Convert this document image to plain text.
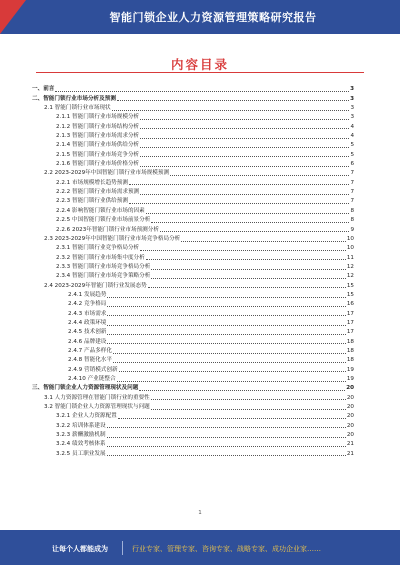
智能门锁企业人力资源管理策略研究报告
内容目录
一、前言	3
二、智能门锁行业市场分析及预测	3
2.1 智能门锁行业市场现状	3
2.1.1 智能门锁行业市场规模分析	3
2.1.2 智能门锁行业市场结构分析	4
2.1.3 智能门锁行业市场需求分析	4
2.1.4 智能门锁行业市场供给分析	5
2.1.5 智能门锁行业市场竞争分析	5
2.1.6 智能门锁行业市场价格分析	6
2.2 2023-2029年中国智能门锁行业市场规模预测	7
2.2.1 市场规模增长趋势预测	7
2.2.2 智能门锁行业市场需求预测	7
2.2.3 智能门锁行业供给预测	7
2.2.4 影响智能门锁行业市场的因素	8
2.2.5 中国智能门锁行业市场前景分析	8
2.2.6 2023年智能门锁行业市场预测分析	9
2.3 2023-2029年中国智能门锁行业市场竞争格局分析	10
2.3.1 智能门锁行业竞争格局分析	10
2.3.2 智能门锁行业市场集中度分析	11
2.3.3 智能门锁行业市场竞争格局分析	12
2.3.4 智能门锁行业市场竞争策略分析	12
2.4 2023-2029年智能门锁行业发展态势	15
2.4.1 发展趋势	15
2.4.2 竞争格局	16
2.4.3 市场需求	17
2.4.4 政策环境	17
2.4.5 技术创新	17
2.4.6 品牌建设	18
2.4.7 产品多样化	18
2.4.8 智能化水平	18
2.4.9 营销模式创新	19
2.4.10 产业链整合	19
三、智能门锁企业人力资源管理现状及问题	20
3.1 人力资源管理在智能门锁行业的重要性	20
3.2 智能门锁企业人力资源管理现状与问题	20
3.2.1 企业人力资源配置	20
3.2.2 培训体系建设	20
3.2.3 薪酬激励机制	20
3.2.4 绩效考核体系	21
3.2.5 员工职业发展	21
1
让每个人都能成为	行业专家、管理专家、咨询专家、战略专家、成功企业家……
